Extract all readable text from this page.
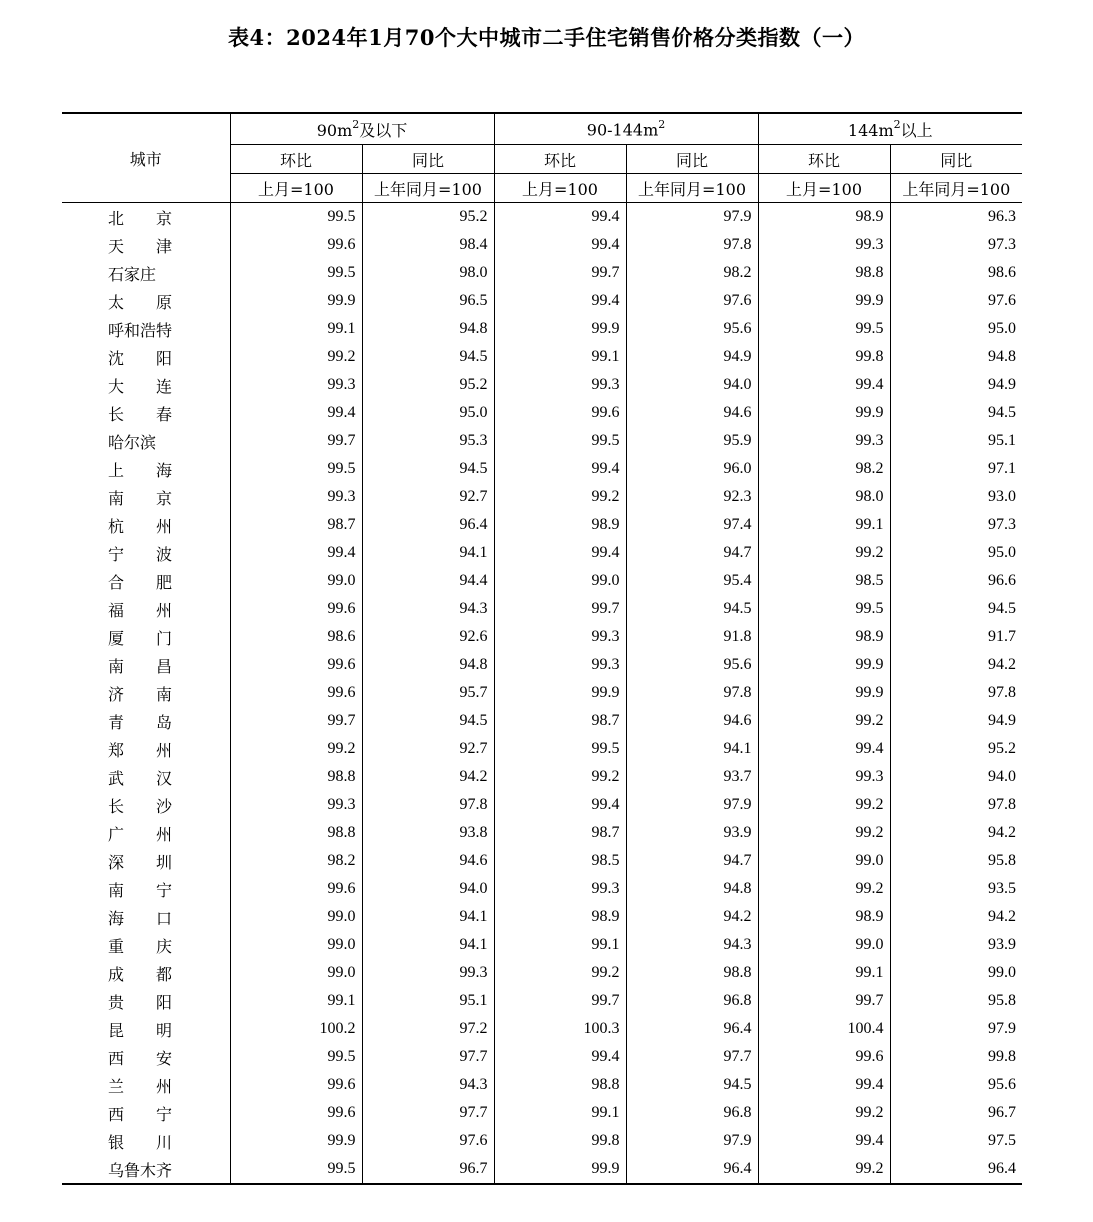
表4：2024年1月70个大中城市二手住宅销售价格分类指数（一）
城市	$90m^2$及以下		$90-144m^2$		$144m^2$以上	
	环比	同比	环比	同比	环比	同比
	上月=100	上年同月=100	上月=100	上年同月=100	上月=100	上年同月=100
北　　京	99.5	95.2	99.4	97.9	98.9	96.3
天　　津	99.6	98.4	99.4	97.8	99.3	97.3
石家庄	99.5	98.0	99.7	98.2	98.8	98.6
太　　原	99.9	96.5	99.4	97.6	99.9	97.6
呼和浩特	99.1	94.8	99.9	95.6	99.5	95.0
沈　　阳	99.2	94.5	99.1	94.9	99.8	94.8
大　　连	99.3	95.2	99.3	94.0	99.4	94.9
长　　春	99.4	95.0	99.6	94.6	99.9	94.5
哈尔滨	99.7	95.3	99.5	95.9	99.3	95.1
上　　海	99.5	94.5	99.4	96.0	98.2	97.1
南　　京	99.3	92.7	99.2	92.3	98.0	93.0
杭　　州	98.7	96.4	98.9	97.4	99.1	97.3
宁　　波	99.4	94.1	99.4	94.7	99.2	95.0
合　　肥	99.0	94.4	99.0	95.4	98.5	96.6
福　　州	99.6	94.3	99.7	94.5	99.5	94.5
厦　　门	98.6	92.6	99.3	91.8	98.9	91.7
南　　昌	99.6	94.8	99.3	95.6	99.9	94.2
济　　南	99.6	95.7	99.9	97.8	99.9	97.8
青　　岛	99.7	94.5	98.7	94.6	99.2	94.9
郑　　州	99.2	92.7	99.5	94.1	99.4	95.2
武　　汉	98.8	94.2	99.2	93.7	99.3	94.0
长　　沙	99.3	97.8	99.4	97.9	99.2	97.8
广　　州	98.8	93.8	98.7	93.9	99.2	94.2
深　　圳	98.2	94.6	98.5	94.7	99.0	95.8
南　　宁	99.6	94.0	99.3	94.8	99.2	93.5
海　　口	99.0	94.1	98.9	94.2	98.9	94.2
重　　庆	99.0	94.1	99.1	94.3	99.0	93.9
成　　都	99.0	99.3	99.2	98.8	99.1	99.0
贵　　阳	99.1	95.1	99.7	96.8	99.7	95.8
昆　　明	100.2	97.2	100.3	96.4	100.4	97.9
西　　安	99.5	97.7	99.4	97.7	99.6	99.8
兰　　州	99.6	94.3	98.8	94.5	99.4	95.6
西　　宁	99.6	97.7	99.1	96.8	99.2	96.7
银　　川	99.9	97.6	99.8	97.9	99.4	97.5
乌鲁木齐	99.5	96.7	99.9	96.4	99.2	96.4
